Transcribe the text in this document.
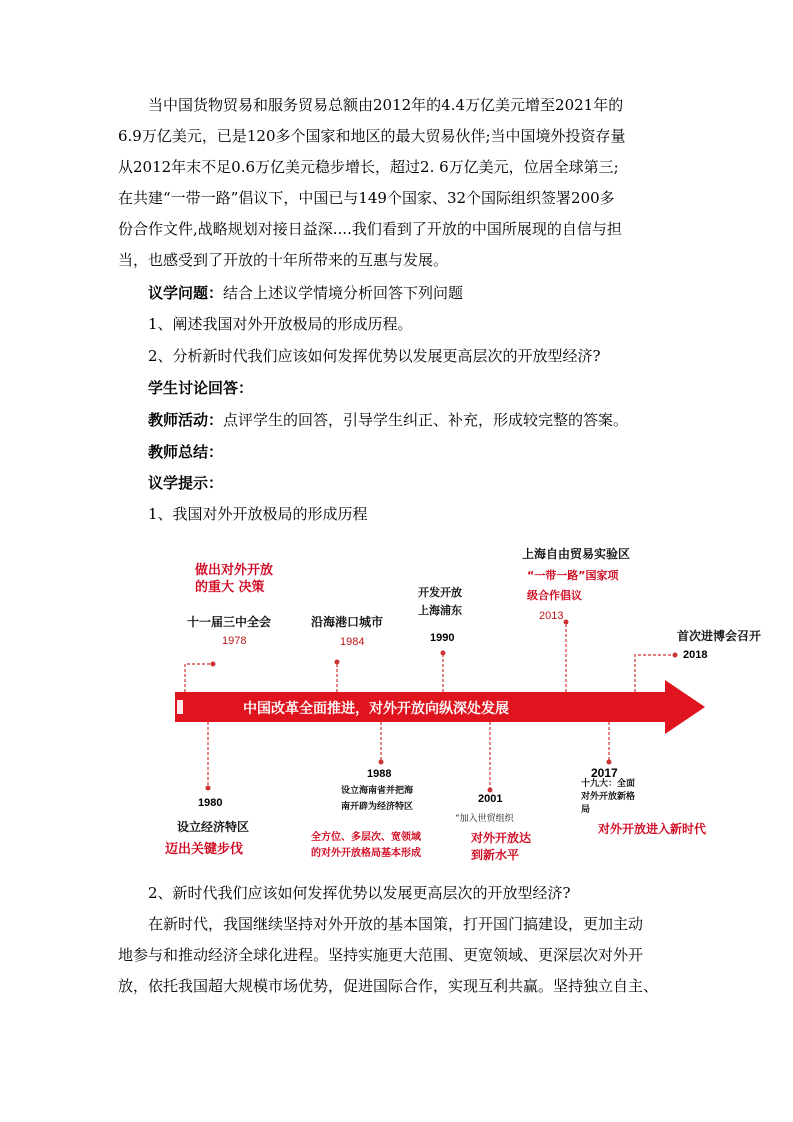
当中国货物贸易和服务贸易总额由2012年的4.4万亿美元增至2021年的
6.9万亿美元，已是120多个国家和地区的最大贸易伙伴;当中国境外投资存量
从2012年末不足0.6万亿美元稳步增长，超过2. 6万亿美元，位居全球第三;
在共建“一带一路”倡议下，中国已与149个国家、32个国际组织签署200多
份合作文件,战略规划对接日益深....我们看到了开放的中国所展现的自信与担
当，也感受到了开放的十年所带来的互惠与发展。
议学问题：结合上述议学情境分析回答下列问题
1、阐述我国对外开放极局的形成历程。
2、分析新时代我们应该如何发挥优势以发展更高层次的开放型经济?
学生讨论回答：
教师活动：点评学生的回答，引导学生纠正、补充，形成较完整的答案。
教师总结：
议学提示：
1、我国对外开放极局的形成历程
中国改革全面推进，对外开放向纵深处发展
做出对外开放
的重大 决策
十一届三中全会
1978
沿海港口城市
1984
开发开放
上海浦东
1990
上海自由贸易实验区
“一带一路”国家项
级合作倡议
2013
首次进博会召开
2018
1980
设立经济特区
迈出关键步伐
1988
设立海南省并把海
南开辟为经济特区
全方位、多层次、宽领域
的对外开放格局基本形成
2001
“加入世贸组织
对外开放达
到新水平
2017
十九大：全面
对外开放新格
局
对外开放进入新时代
2、新时代我们应该如何发挥优势以发展更高层次的开放型经济?
在新时代，我国继续坚持对外开放的基本国策，打开国门搞建设，更加主动
地参与和推动经济全球化进程。坚持实施更大范围、更宽领域、更深层次对外开
放，依托我国超大规模市场优势，促进国际合作，实现互利共赢。坚持独立自主、
